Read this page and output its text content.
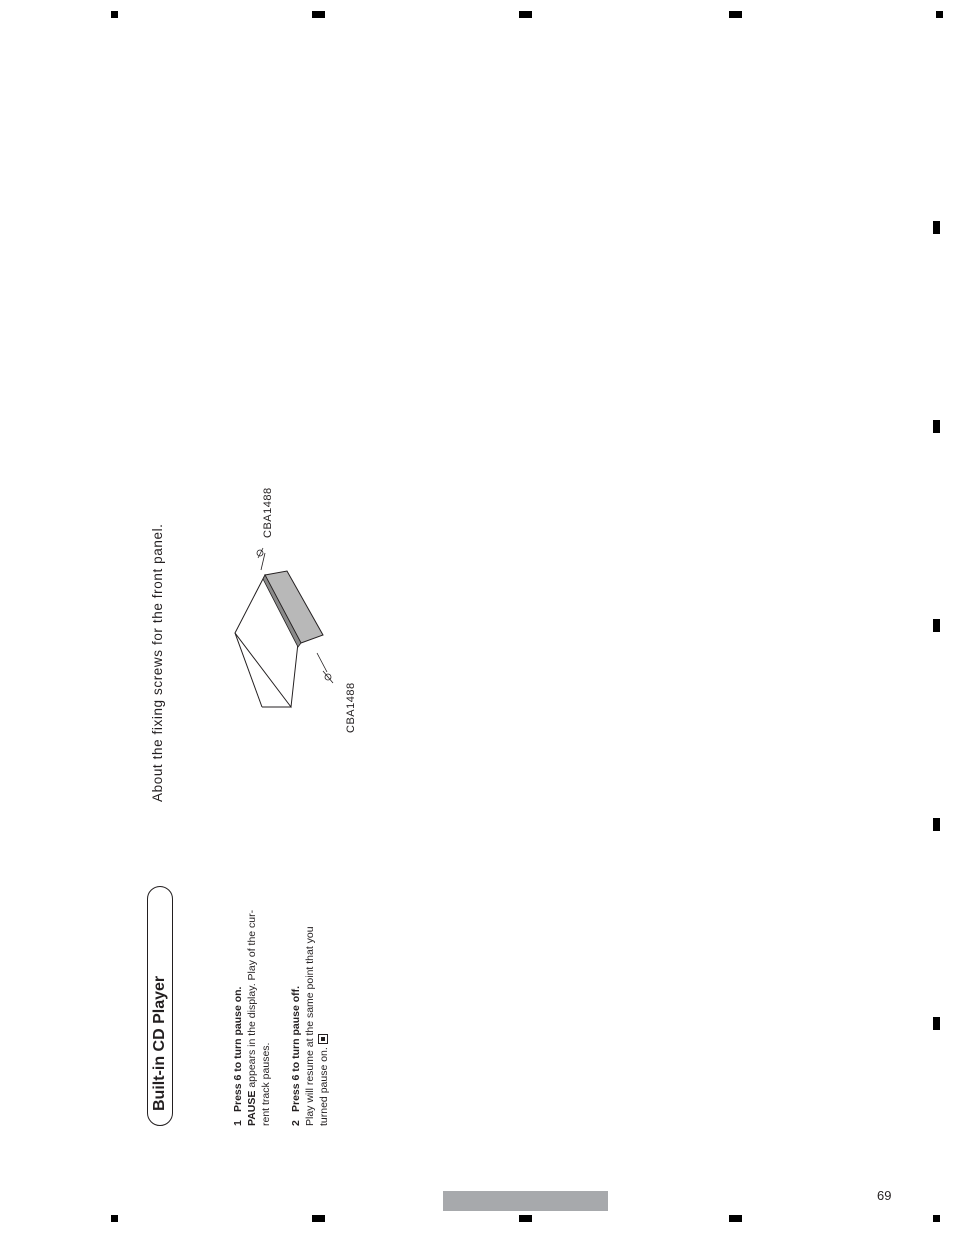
Built-in CD Player
1Press 6 to turn pause on. PAUSE appears in the display. Play of the cur- rent track pauses. 2Press 6 to turn pause off. Play will resume at the same point that you turned pause on.
About the fixing screws for the front panel.
CBA1488
CBA1488
69
